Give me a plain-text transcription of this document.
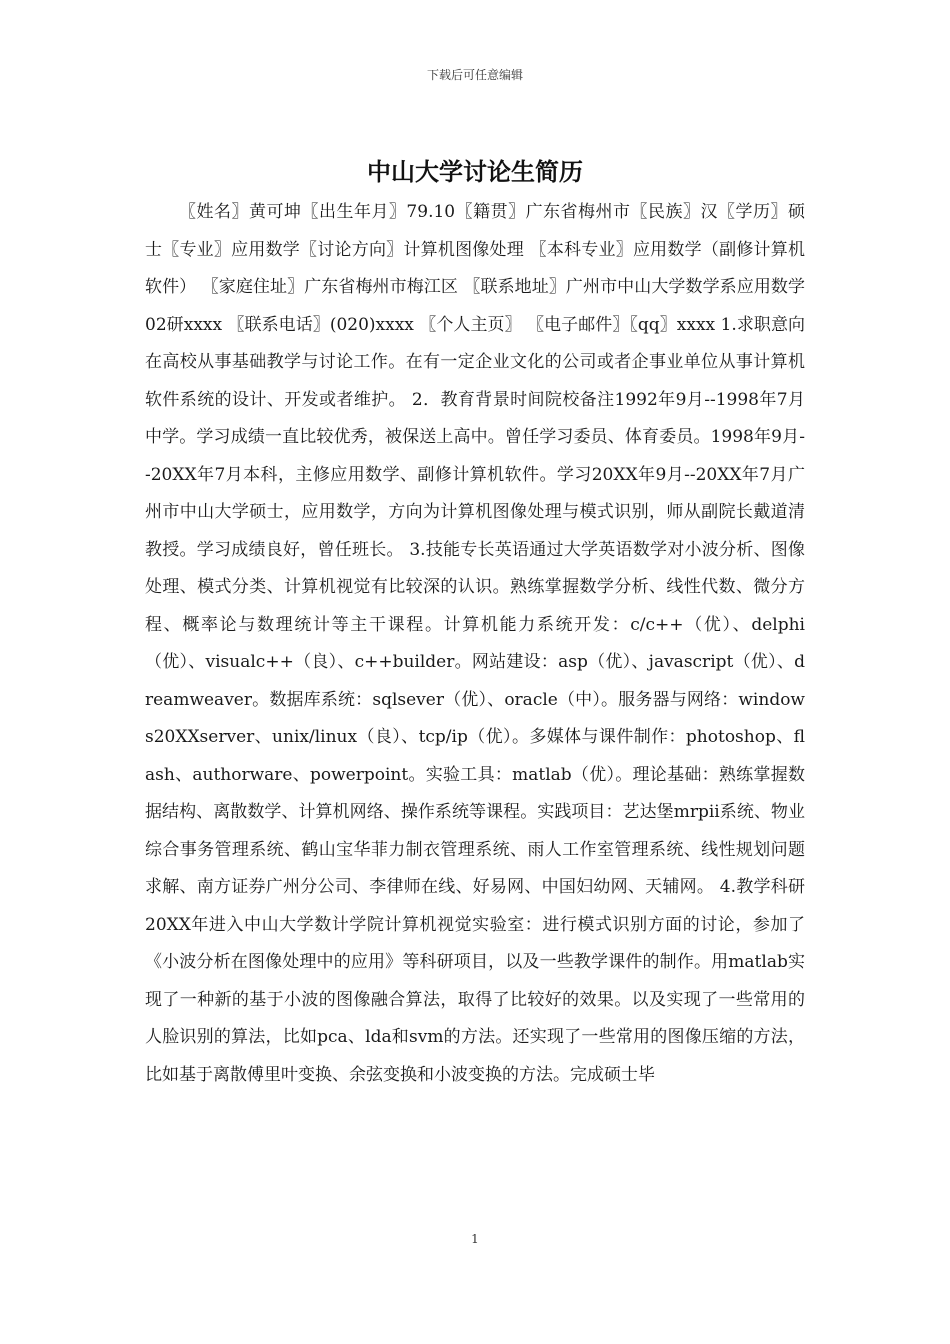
下载后可任意编辑
中山大学讨论生简历

〖姓名〗黄可坤〖出生年月〗79.10〖籍贯〗广东省梅州市〖民族〗汉〖学历〗硕士〖专业〗应用数学〖讨论方向〗计算机图像处理 〖本科专业〗应用数学（副修计算机软件） 〖家庭住址〗广东省梅州市梅江区 〖联系地址〗广州市中山大学数学系应用数学02研xxxx 〖联系电话〗(020)xxxx 〖个人主页〗 〖电子邮件〗〖qq〗xxxx 1.求职意向在高校从事基础教学与讨论工作。在有一定企业文化的公司或者企事业单位从事计算机软件系统的设计、开发或者维护。 2．教育背景时间院校备注1992年9月--1998年7月中学。学习成绩一直比较优秀，被保送上高中。曾任学习委员、体育委员。1998年9月--20XX年7月本科，主修应用数学、副修计算机软件。学习20XX年9月--20XX年7月广州市中山大学硕士，应用数学，方向为计算机图像处理与模式识别，师从副院长戴道清教授。学习成绩良好，曾任班长。 3.技能专长英语通过大学英语数学对小波分析、图像处理、模式分类、计算机视觉有比较深的认识。熟练掌握数学分析、线性代数、微分方程、概率论与数理统计等主干课程。计算机能力系统开发：c/c++（优）、delphi（优）、visualc++（良）、c++builder。网站建设：asp（优）、javascript（优）、dreamweaver。数据库系统：sqlsever（优）、oracle（中）。服务器与网络：windows20XXserver、unix/linux（良）、tcp/ip（优）。多媒体与课件制作：photoshop、flash、authorware、powerpoint。实验工具：matlab（优）。理论基础：熟练掌握数据结构、离散数学、计算机网络、操作系统等课程。实践项目：艺达堡mrpii系统、物业综合事务管理系统、鹤山宝华菲力制衣管理系统、雨人工作室管理系统、线性规划问题求解、南方证券广州分公司、李律师在线、好易网、中国妇幼网、天辅网。 4.教学科研20XX年进入中山大学数计学院计算机视觉实验室：进行模式识别方面的讨论，参加了《小波分析在图像处理中的应用》等科研项目，以及一些教学课件的制作。用matlab实现了一种新的基于小波的图像融合算法，取得了比较好的效果。以及实现了一些常用的人脸识别的算法，比如pca、lda和svm的方法。还实现了一些常用的图像压缩的方法，比如基于离散傅里叶变换、余弦变换和小波变换的方法。完成硕士毕

1
